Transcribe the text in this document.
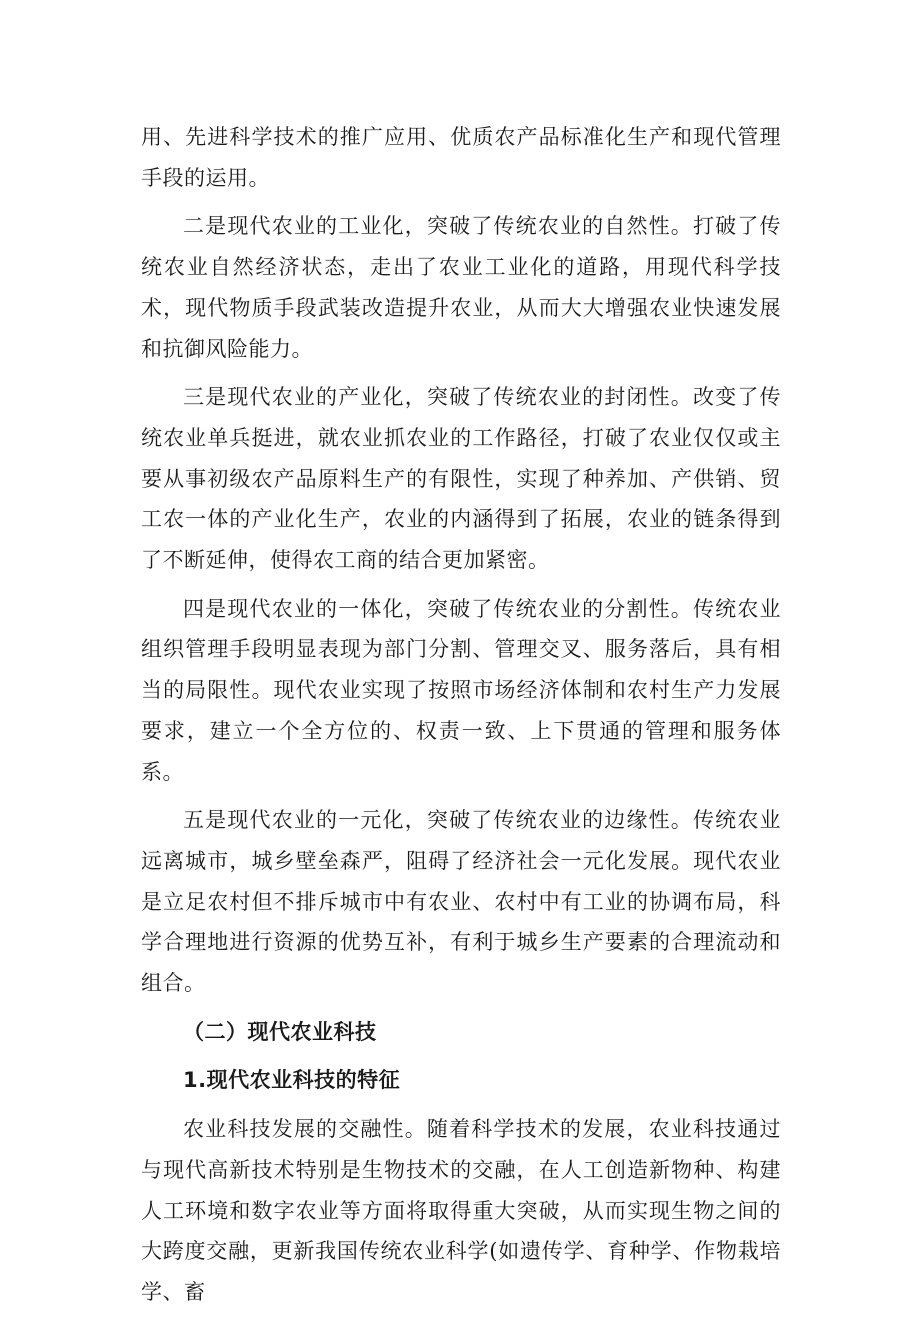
用、先进科学技术的推广应用、优质农产品标准化生产和现代管理手段的运用。

二是现代农业的工业化，突破了传统农业的自然性。打破了传统农业自然经济状态，走出了农业工业化的道路，用现代科学技术，现代物质手段武装改造提升农业，从而大大增强农业快速发展和抗御风险能力。

三是现代农业的产业化，突破了传统农业的封闭性。改变了传统农业单兵挺进，就农业抓农业的工作路径，打破了农业仅仅或主要从事初级农产品原料生产的有限性，实现了种养加、产供销、贸工农一体的产业化生产，农业的内涵得到了拓展，农业的链条得到了不断延伸，使得农工商的结合更加紧密。

四是现代农业的一体化，突破了传统农业的分割性。传统农业组织管理手段明显表现为部门分割、管理交叉、服务落后，具有相当的局限性。现代农业实现了按照市场经济体制和农村生产力发展要求，建立一个全方位的、权责一致、上下贯通的管理和服务体系。

五是现代农业的一元化，突破了传统农业的边缘性。传统农业远离城市，城乡壁垒森严，阻碍了经济社会一元化发展。现代农业是立足农村但不排斥城市中有农业、农村中有工业的协调布局，科学合理地进行资源的优势互补，有利于城乡生产要素的合理流动和组合。

（二）现代农业科技
1.现代农业科技的特征

农业科技发展的交融性。随着科学技术的发展，农业科技通过与现代高新技术特别是生物技术的交融，在人工创造新物种、构建人工环境和数字农业等方面将取得重大突破，从而实现生物之间的大跨度交融，更新我国传统农业科学(如遗传学、育种学、作物栽培学、畜
